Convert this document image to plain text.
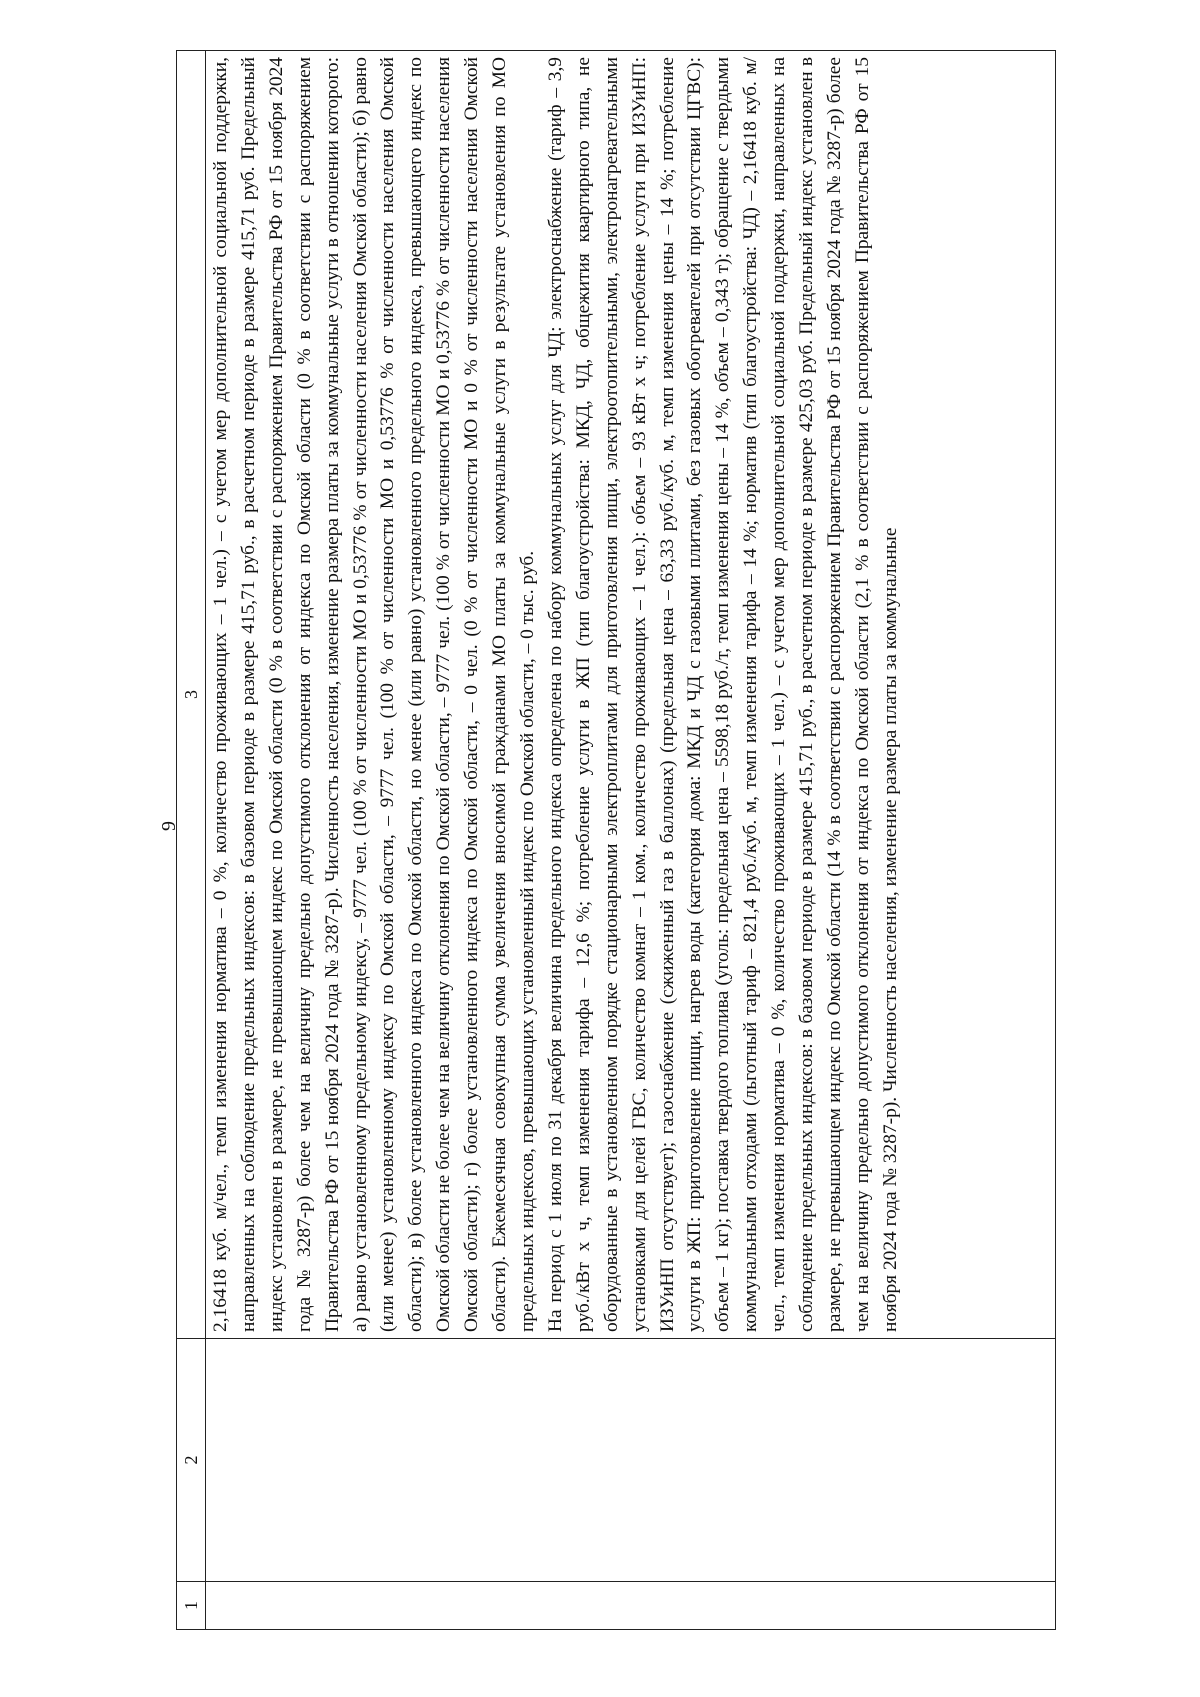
9
1
2
3 2,16418 куб. м/чел., темп изменения норматива – 0 %, количество проживающих – 1 чел.) – с учетом мер дополнительной социальной поддержки, направленных на соблюдение предельных индексов: в базовом периоде в размере 415,71 руб., в расчетном периоде в размере 415,71 руб. Предельный индекс установлен в размере, не превышающем индекс по Омской области (0 % в соответствии с распоряжением Правительства РФ от 15 ноября 2024 года № 3287-р) более чем на величину предельно допустимого отклонения от индекса по Омской области (0 % в соответствии с распоряжением Правительства РФ от 15 ноября 2024 года № 3287-р). Численность населения, изменение размера платы за коммунальные услуги в отношении которого: а) равно установленному предельному индексу, – 9777 чел. (100 % от численности МО и 0,53776 % от численности населения Омской области); б) равно (или менее) установленному индексу по Омской области, – 9777 чел. (100 % от численности МО и 0,53776 % от численности населения Омской области); в) более установленного индекса по Омской области, но менее (или равно) установленного предельного индекса, превышающего индекс по Омской области не более чем на величину отклонения по Омской области, – 9777 чел. (100 % от численности МО и 0,53776 % от численности населения Омской области); г) более установленного индекса по Омской области, – 0 чел. (0 % от численности МО и 0 % от численности населения Омской области). Ежемесячная совокупная сумма увеличения вносимой гражданами МО платы за коммунальные услуги в результате установления по МО предельных индексов, превышающих установленный индекс по Омской области, – 0 тыс. руб. На период с 1 июля по 31 декабря величина предельного индекса определена по набору коммунальных услуг для ЧД: электроснабжение (тариф – 3,9 руб./кВт х ч, темп изменения тарифа – 12,6 %; потребление услуги в ЖП (тип благоустройства: МКД, ЧД, общежития квартирного типа, не оборудованные в установленном порядке стационарными электроплитами для приготовления пищи, электроотопительными, электронагревательными установками для целей ГВС, количество комнат – 1 ком., количество проживающих – 1 чел.): объем – 93 кВт х ч; потребление услуги при ИЗУиНП: ИЗУиНП отсутствует); газоснабжение (сжиженный газ в баллонах) (предельная цена – 63,33 руб./куб. м, темп изменения цены – 14 %; потребление услуги в ЖП: приготовление пищи, нагрев воды (категория дома: МКД и ЧД с газовыми плитами, без газовых обогревателей при отсутствии ЦГВС): объем – 1 кг); поставка твердого топлива (уголь: предельная цена – 5598,18 руб./т, темп изменения цены – 14 %, объем – 0,343 т); обращение с твердыми коммунальными отходами (льготный тариф – 821,4 руб./куб. м, темп изменения тарифа – 14 %; норматив (тип благоустройства: ЧД) – 2,16418 куб. м/чел., темп изменения норматива – 0 %, количество проживающих – 1 чел.) – с учетом мер дополнительной социальной поддержки, направленных на соблюдение предельных индексов: в базовом периоде в размере 415,71 руб., в расчетном периоде в размере 425,03 руб. Предельный индекс установлен в размере, не превышающем индекс по Омской области (14 % в соответствии с распоряжением Правительства РФ от 15 ноября 2024 года № 3287-р) более чем на величину предельно допустимого отклонения от индекса по Омской области (2,1 % в соответствии с распоряжением Правительства РФ от 15 ноября 2024 года № 3287-р). Численность населения, изменение размера платы за коммунальные
